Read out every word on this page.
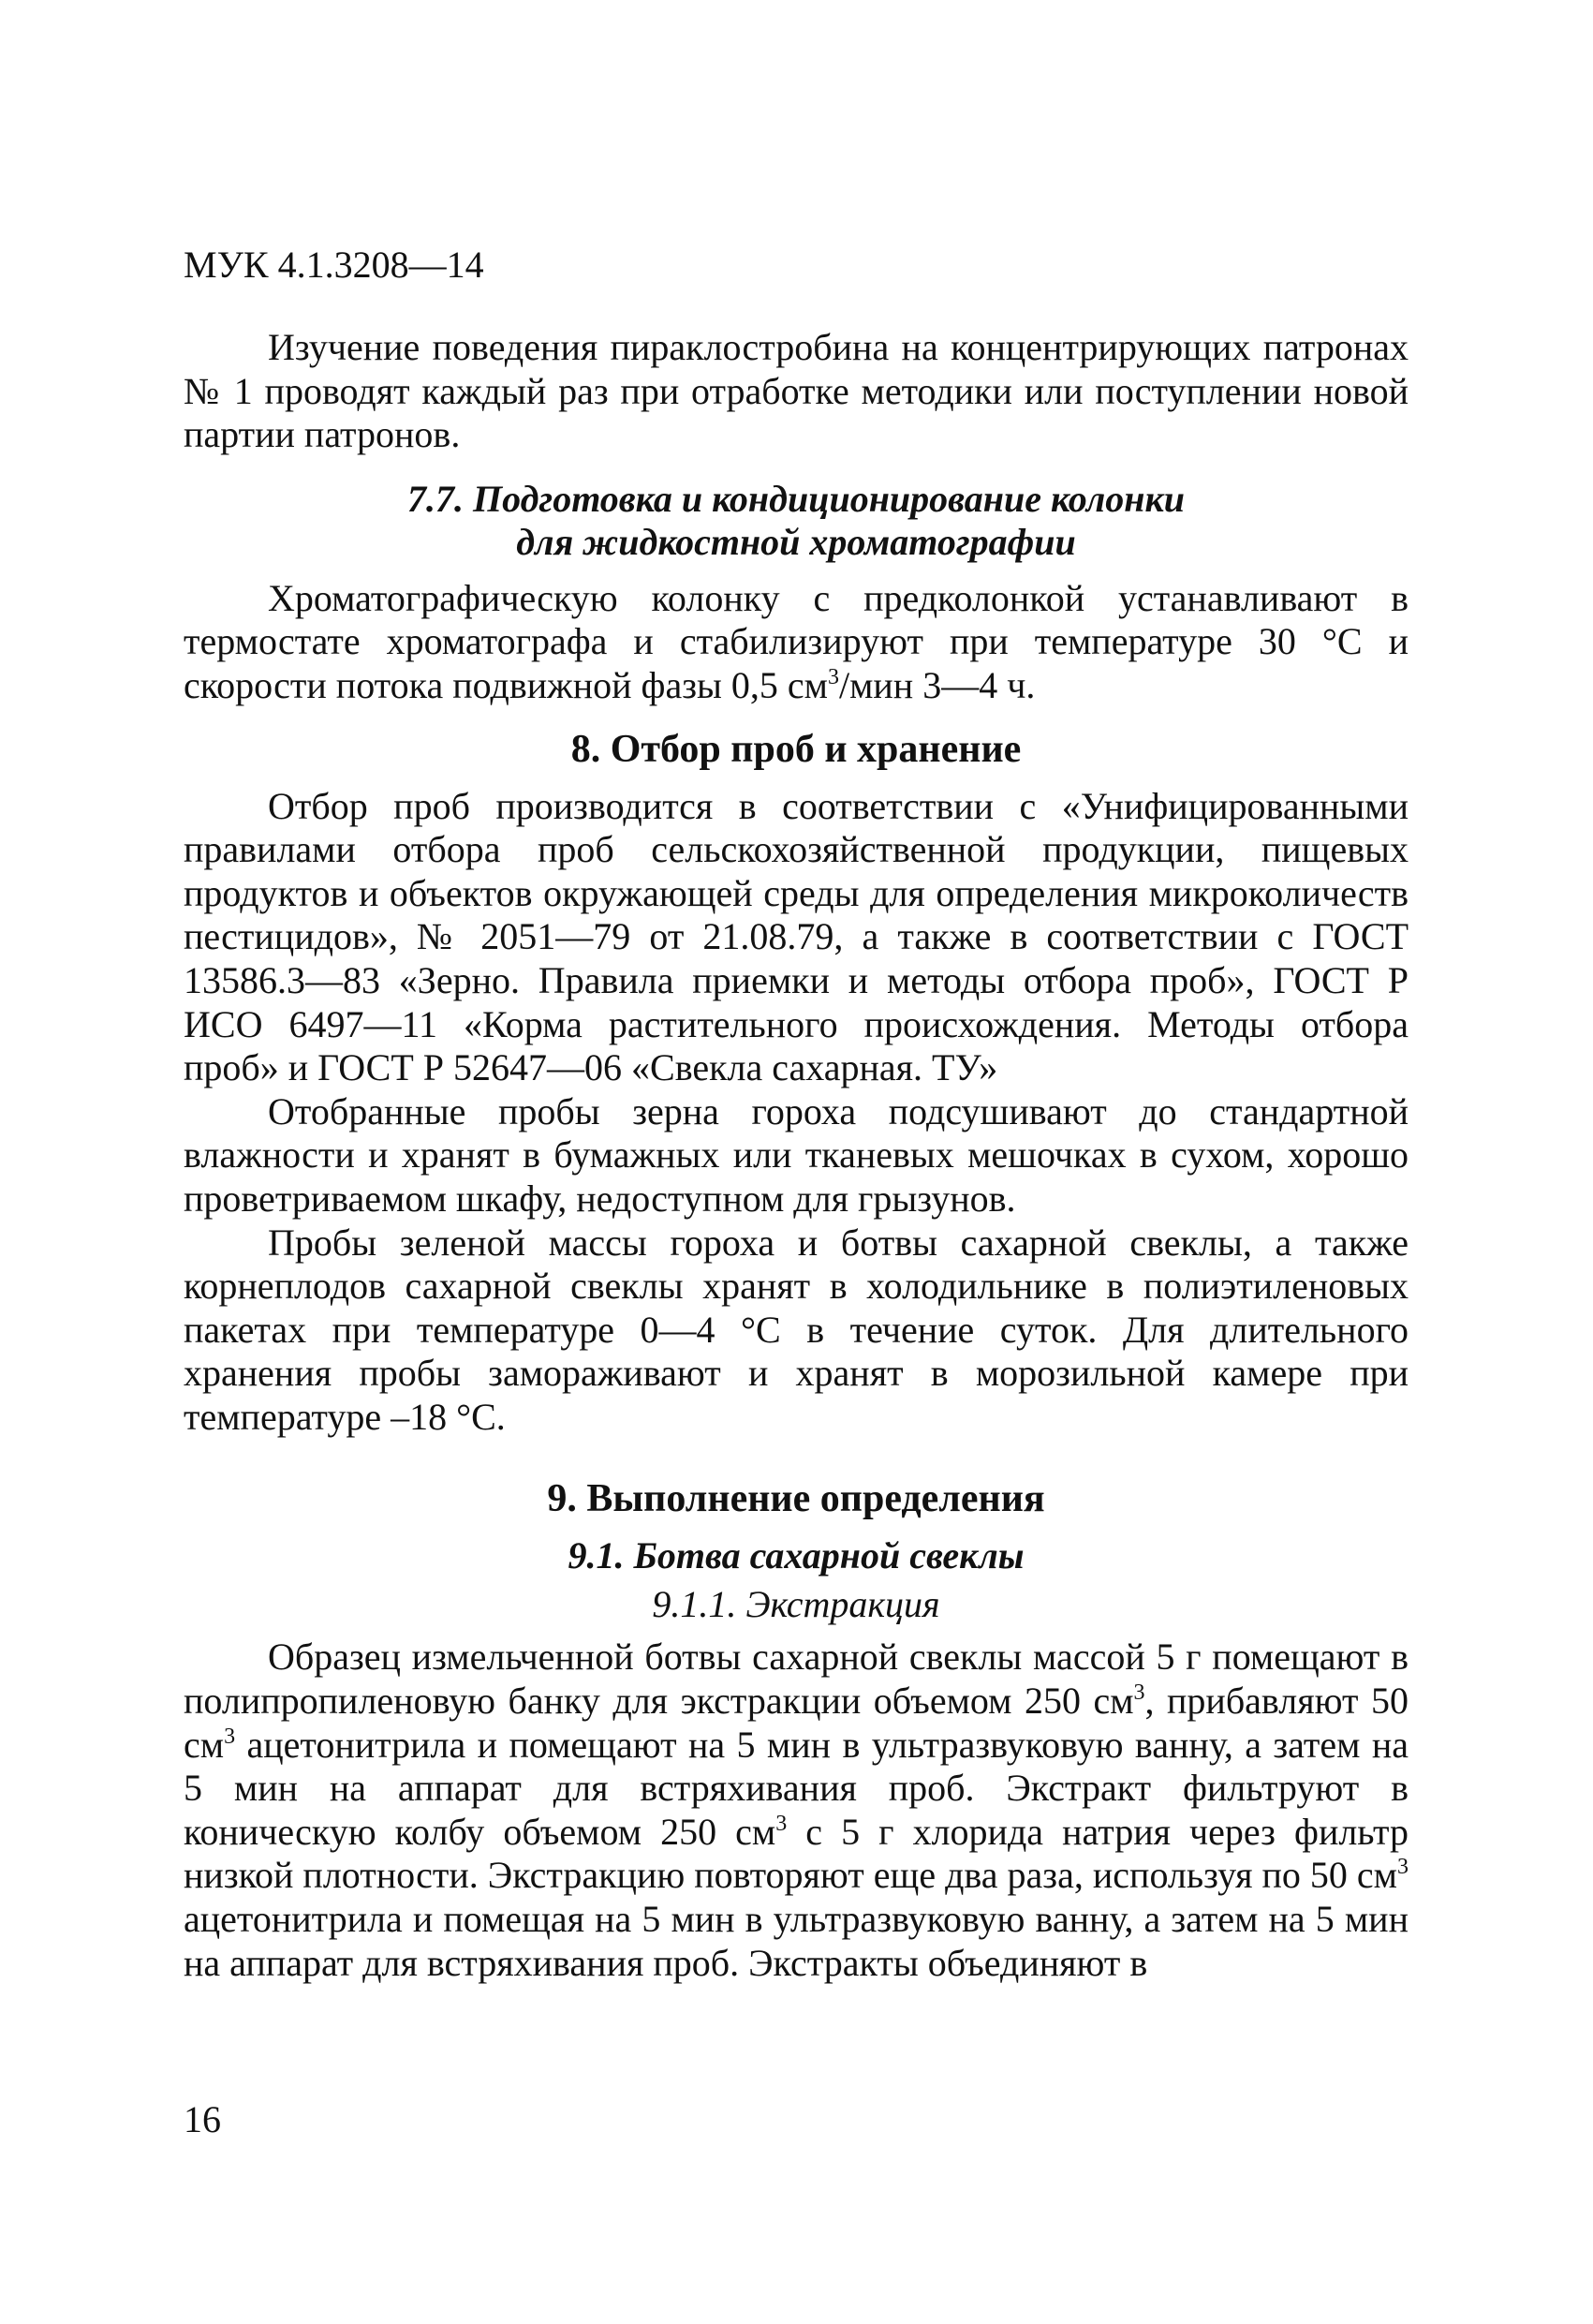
МУК 4.1.3208—14

Изучение поведения пираклостробина на концентрирующих патронах № 1 проводят каждый раз при отработке методики или поступлении новой партии патронов.

7.7. Подготовка и кондиционирование колонки
для жидкостной хроматографии

Хроматографическую колонку с предколонкой устанавливают в термостате хроматографа и стабилизируют при температуре 30 °С и скорости потока подвижной фазы 0,5 $см^3$/мин 3—4 ч.

8. Отбор проб и хранение

Отбор проб производится в соответствии с «Унифицированными правилами отбора проб сельскохозяйственной продукции, пищевых продуктов и объектов окружающей среды для определения микроколичеств пестицидов», № 2051—79 от 21.08.79, а также в соответствии с ГОСТ 13586.3—83 «Зерно. Правила приемки и методы отбора проб», ГОСТ Р ИСО 6497—11 «Корма растительного происхождения. Методы отбора проб» и ГОСТ Р 52647—06 «Свекла сахарная. ТУ»

Отобранные пробы зерна гороха подсушивают до стандартной влажности и хранят в бумажных или тканевых мешочках в сухом, хорошо проветриваемом шкафу, недоступном для грызунов.

Пробы зеленой массы гороха и ботвы сахарной свеклы, а также корнеплодов сахарной свеклы хранят в холодильнике в полиэтиленовых пакетах при температуре 0—4 °С в течение суток. Для длительного хранения пробы замораживают и хранят в морозильной камере при температуре –18 °С.

9. Выполнение определения
9.1. Ботва сахарной свеклы
9.1.1. Экстракция

Образец измельченной ботвы сахарной свеклы массой 5 г помещают в полипропиленовую банку для экстракции объемом 250 $см^3$, прибавляют 50 $см^3$ ацетонитрила и помещают на 5 мин в ультразвуковую ванну, а затем на 5 мин на аппарат для встряхивания проб. Экстракт фильтруют в коническую колбу объемом 250 $см^3$ с 5 г хлорида натрия через фильтр низкой плотности. Экстракцию повторяют еще два раза, используя по 50 $см^3$ ацетонитрила и помещая на 5 мин в ультразвуковую ванну, а затем на 5 мин на аппарат для встряхивания проб. Экстракты объединяют в

16
